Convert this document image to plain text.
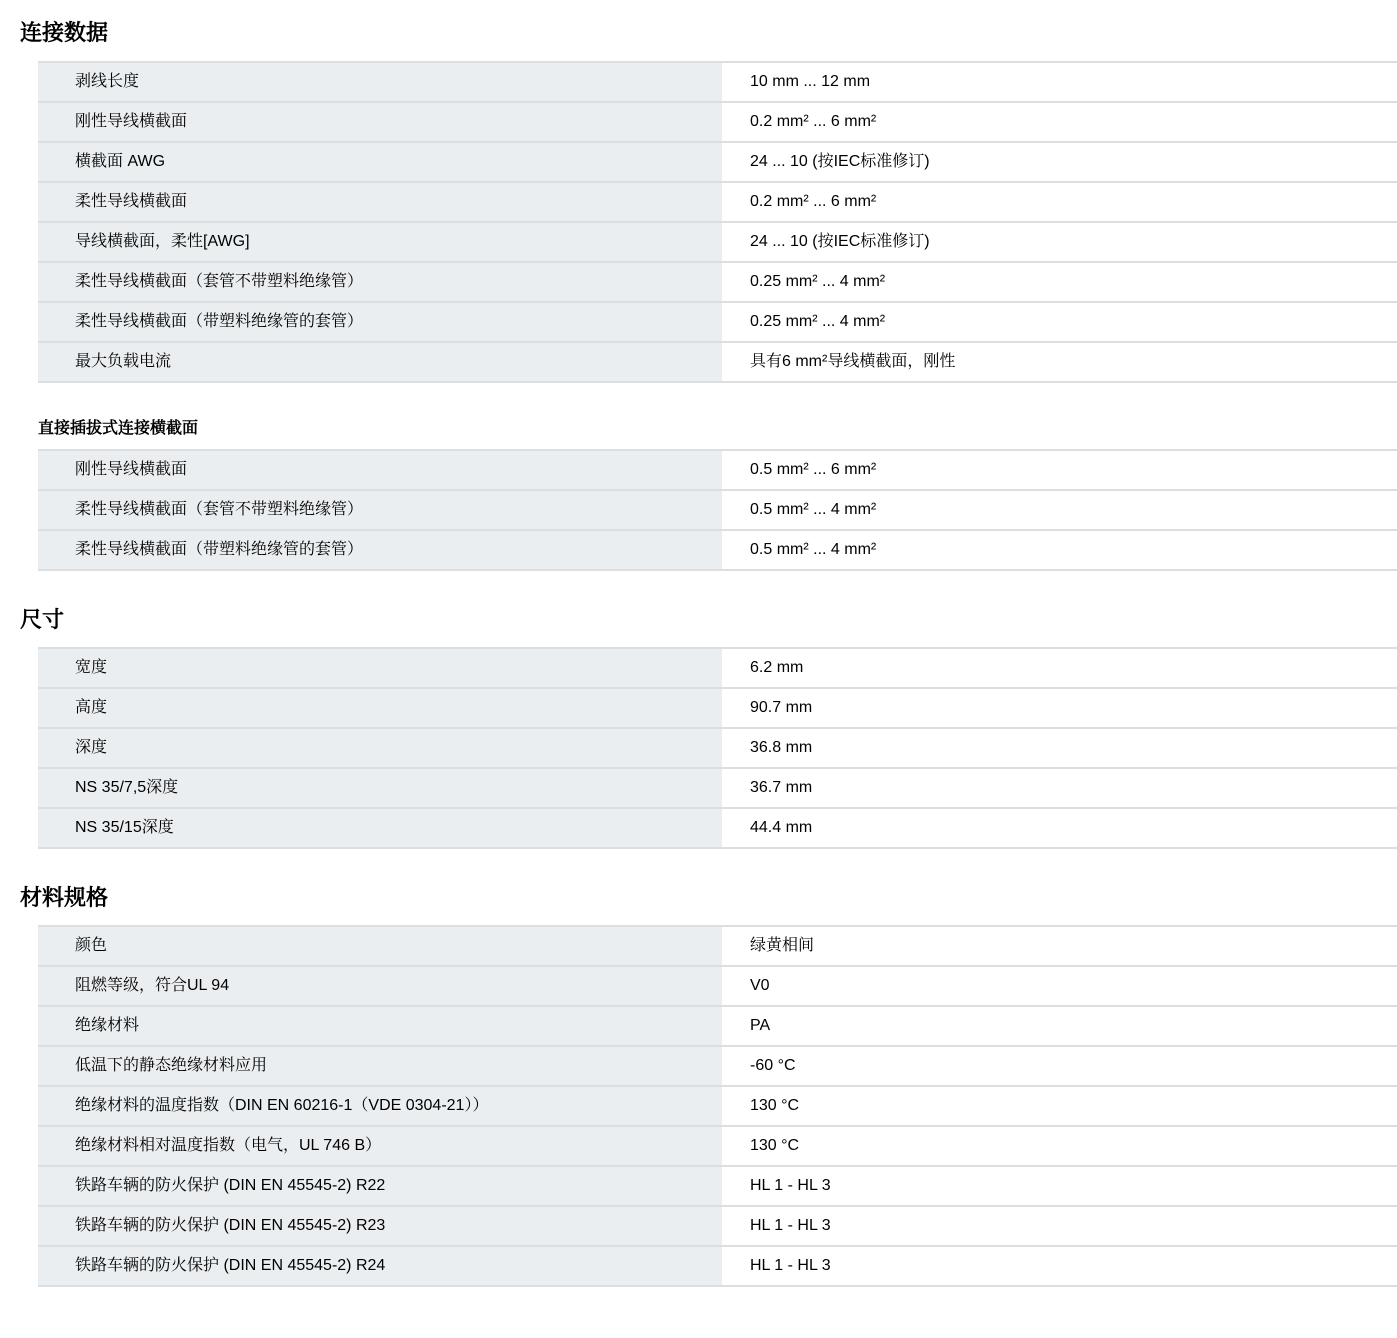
连接数据
剥线长度	10 mm ... 12 mm
刚性导线横截面	0.2 mm² ... 6 mm²
横截面 AWG	24 ... 10 (按IEC标准修订)
柔性导线横截面	0.2 mm² ... 6 mm²
导线横截面，柔性[AWG]	24 ... 10 (按IEC标准修订)
柔性导线横截面（套管不带塑料绝缘管）	0.25 mm² ... 4 mm²
柔性导线横截面（带塑料绝缘管的套管）	0.25 mm² ... 4 mm²
最大负载电流	具有6 mm²导线横截面，刚性
直接插拔式连接横截面
刚性导线横截面	0.5 mm² ... 6 mm²
柔性导线横截面（套管不带塑料绝缘管）	0.5 mm² ... 4 mm²
柔性导线横截面（带塑料绝缘管的套管）	0.5 mm² ... 4 mm²
尺寸
宽度	6.2 mm
高度	90.7 mm
深度	36.8 mm
NS 35/7,5深度	36.7 mm
NS 35/15深度	44.4 mm
材料规格
颜色	绿黄相间
阻燃等级，符合UL 94	V0
绝缘材料	PA
低温下的静态绝缘材料应用	-60 °C
绝缘材料的温度指数（DIN EN 60216-1（VDE 0304-21））	130 °C
绝缘材料相对温度指数（电气，UL 746 B）	130 °C
铁路车辆的防火保护 (DIN EN 45545-2) R22	HL 1 - HL 3
铁路车辆的防火保护 (DIN EN 45545-2) R23	HL 1 - HL 3
铁路车辆的防火保护 (DIN EN 45545-2) R24	HL 1 - HL 3
